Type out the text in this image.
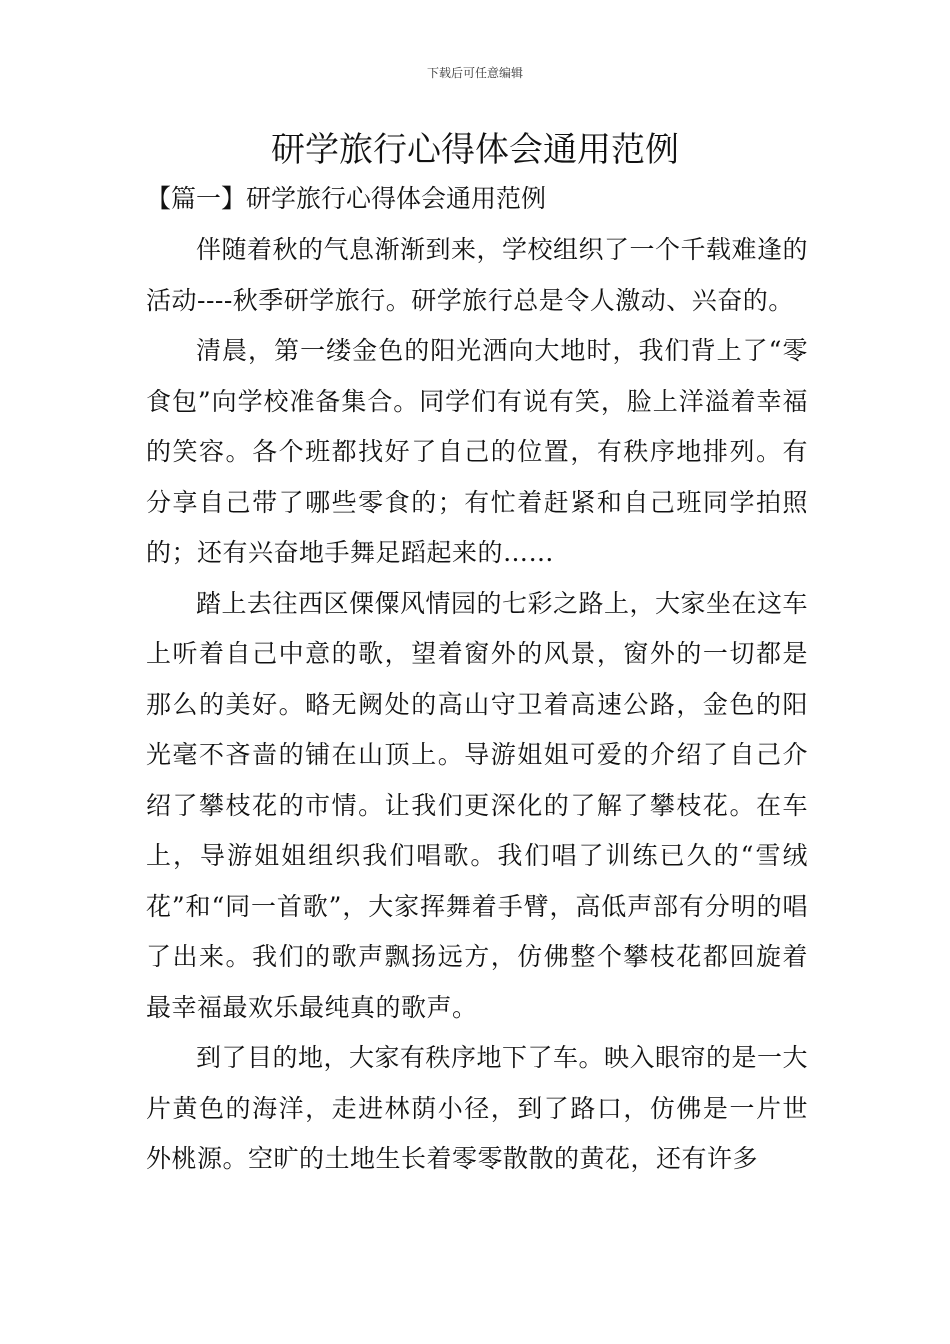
下载后可任意编辑
研学旅行心得体会通用范例
【篇一】研学旅行心得体会通用范例

伴随着秋的气息渐渐到来，学校组织了一个千载难逢的活动----秋季研学旅行。研学旅行总是令人激动、兴奋的。

清晨，第一缕金色的阳光洒向大地时，我们背上了“零食包”向学校准备集合。同学们有说有笑，脸上洋溢着幸福的笑容。各个班都找好了自己的位置，有秩序地排列。有分享自己带了哪些零食的；有忙着赶紧和自己班同学拍照的；还有兴奋地手舞足蹈起来的……

踏上去往西区傈僳风情园的七彩之路上，大家坐在这车上听着自己中意的歌，望着窗外的风景，窗外的一切都是那么的美好。略无阙处的高山守卫着高速公路，金色的阳光毫不吝啬的铺在山顶上。导游姐姐可爱的介绍了自己介绍了攀枝花的市情。让我们更深化的了解了攀枝花。在车上，导游姐姐组织我们唱歌。我们唱了训练已久的“雪绒花”和“同一首歌”，大家挥舞着手臂，高低声部有分明的唱了出来。我们的歌声飘扬远方，仿佛整个攀枝花都回旋着最幸福最欢乐最纯真的歌声。

到了目的地，大家有秩序地下了车。映入眼帘的是一大片黄色的海洋，走进林荫小径，到了路口，仿佛是一片世外桃源。空旷的土地生长着零零散散的黄花，还有许多
